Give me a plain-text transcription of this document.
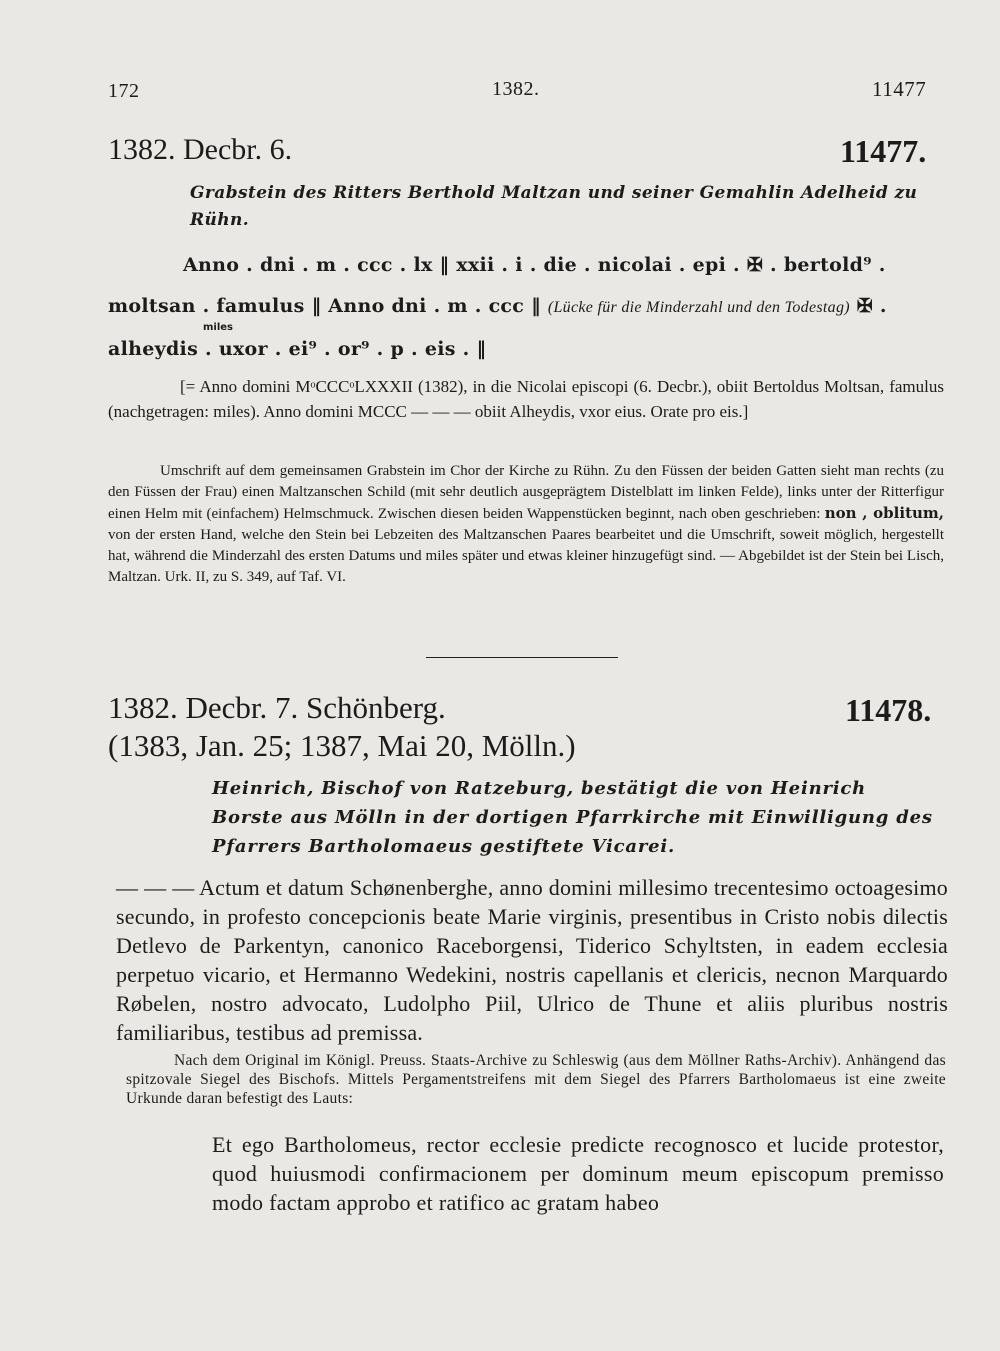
172	1382.	11477
1382. Decbr. 6.	11477.
Grabstein des Ritters Berthold Maltzan und seiner Gemahlin Adelheid zu Rühn.
Anno . dni . m . ccc . lx ‖ xxii . i . die . nicolai . epi . ✠ . bertold⁹ .
moltsan . famulus ‖ Anno dni . m . ccc ‖ (Lücke für die Minderzahl und den Todestag) ✠ .
miles
alheydis . uxor . ei⁹ . or⁹ . p . eis . ‖

[= Anno domini MᵒCCCᵒLXXXII (1382), in die Nicolai episcopi (6. Decbr.), obiit Bertoldus Moltsan, famulus (nachgetragen: miles). Anno domini MCCC — — — obiit Alheydis, vxor eius. Orate pro eis.]

Umschrift auf dem gemeinsamen Grabstein im Chor der Kirche zu Rühn. Zu den Füssen der beiden Gatten sieht man rechts (zu den Füssen der Frau) einen Maltzanschen Schild (mit sehr deutlich ausgeprägtem Distelblatt im linken Felde), links unter der Ritterfigur einen Helm mit (einfachem) Helmschmuck. Zwischen diesen beiden Wappenstücken beginnt, nach oben geschrieben: non , oblitum, von der ersten Hand, welche den Stein bei Lebzeiten des Maltzanschen Paares bearbeitet und die Umschrift, soweit möglich, hergestellt hat, während die Minderzahl des ersten Datums und miles später und etwas kleiner hinzugefügt sind. — Abgebildet ist der Stein bei Lisch, Maltzan. Urk. II, zu S. 349, auf Taf. VI.

1382. Decbr. 7. Schönberg.	11478.
(1383, Jan. 25; 1387, Mai 20, Mölln.)
Heinrich, Bischof von Ratzeburg, bestätigt die von Heinrich Borste aus Mölln in der dortigen Pfarrkirche mit Einwilligung des Pfarrers Bartholomaeus gestiftete Vicarei.

— — — Actum et datum Schønenberghe, anno domini millesimo trecentesimo octoagesimo secundo, in profesto concepcionis beate Marie virginis, presentibus in Cristo nobis dilectis Detlevo de Parkentyn, canonico Raceborgensi, Tiderico Schyltsten, in eadem ecclesia perpetuo vicario, et Hermanno Wedekini, nostris capellanis et clericis, necnon Marquardo Røbelen, nostro advocato, Ludolpho Piil, Ulrico de Thune et aliis pluribus nostris familiaribus, testibus ad premissa.

Nach dem Original im Königl. Preuss. Staats-Archive zu Schleswig (aus dem Möllner Raths-Archiv). Anhängend das spitzovale Siegel des Bischofs. Mittels Pergamentstreifens mit dem Siegel des Pfarrers Bartholomaeus ist eine zweite Urkunde daran befestigt des Lauts:

Et ego Bartholomeus, rector ecclesie predicte recognosco et lucide protestor, quod huiusmodi confirmacionem per dominum meum episcopum premisso modo factam approbo et ratifico ac gratam habeo
